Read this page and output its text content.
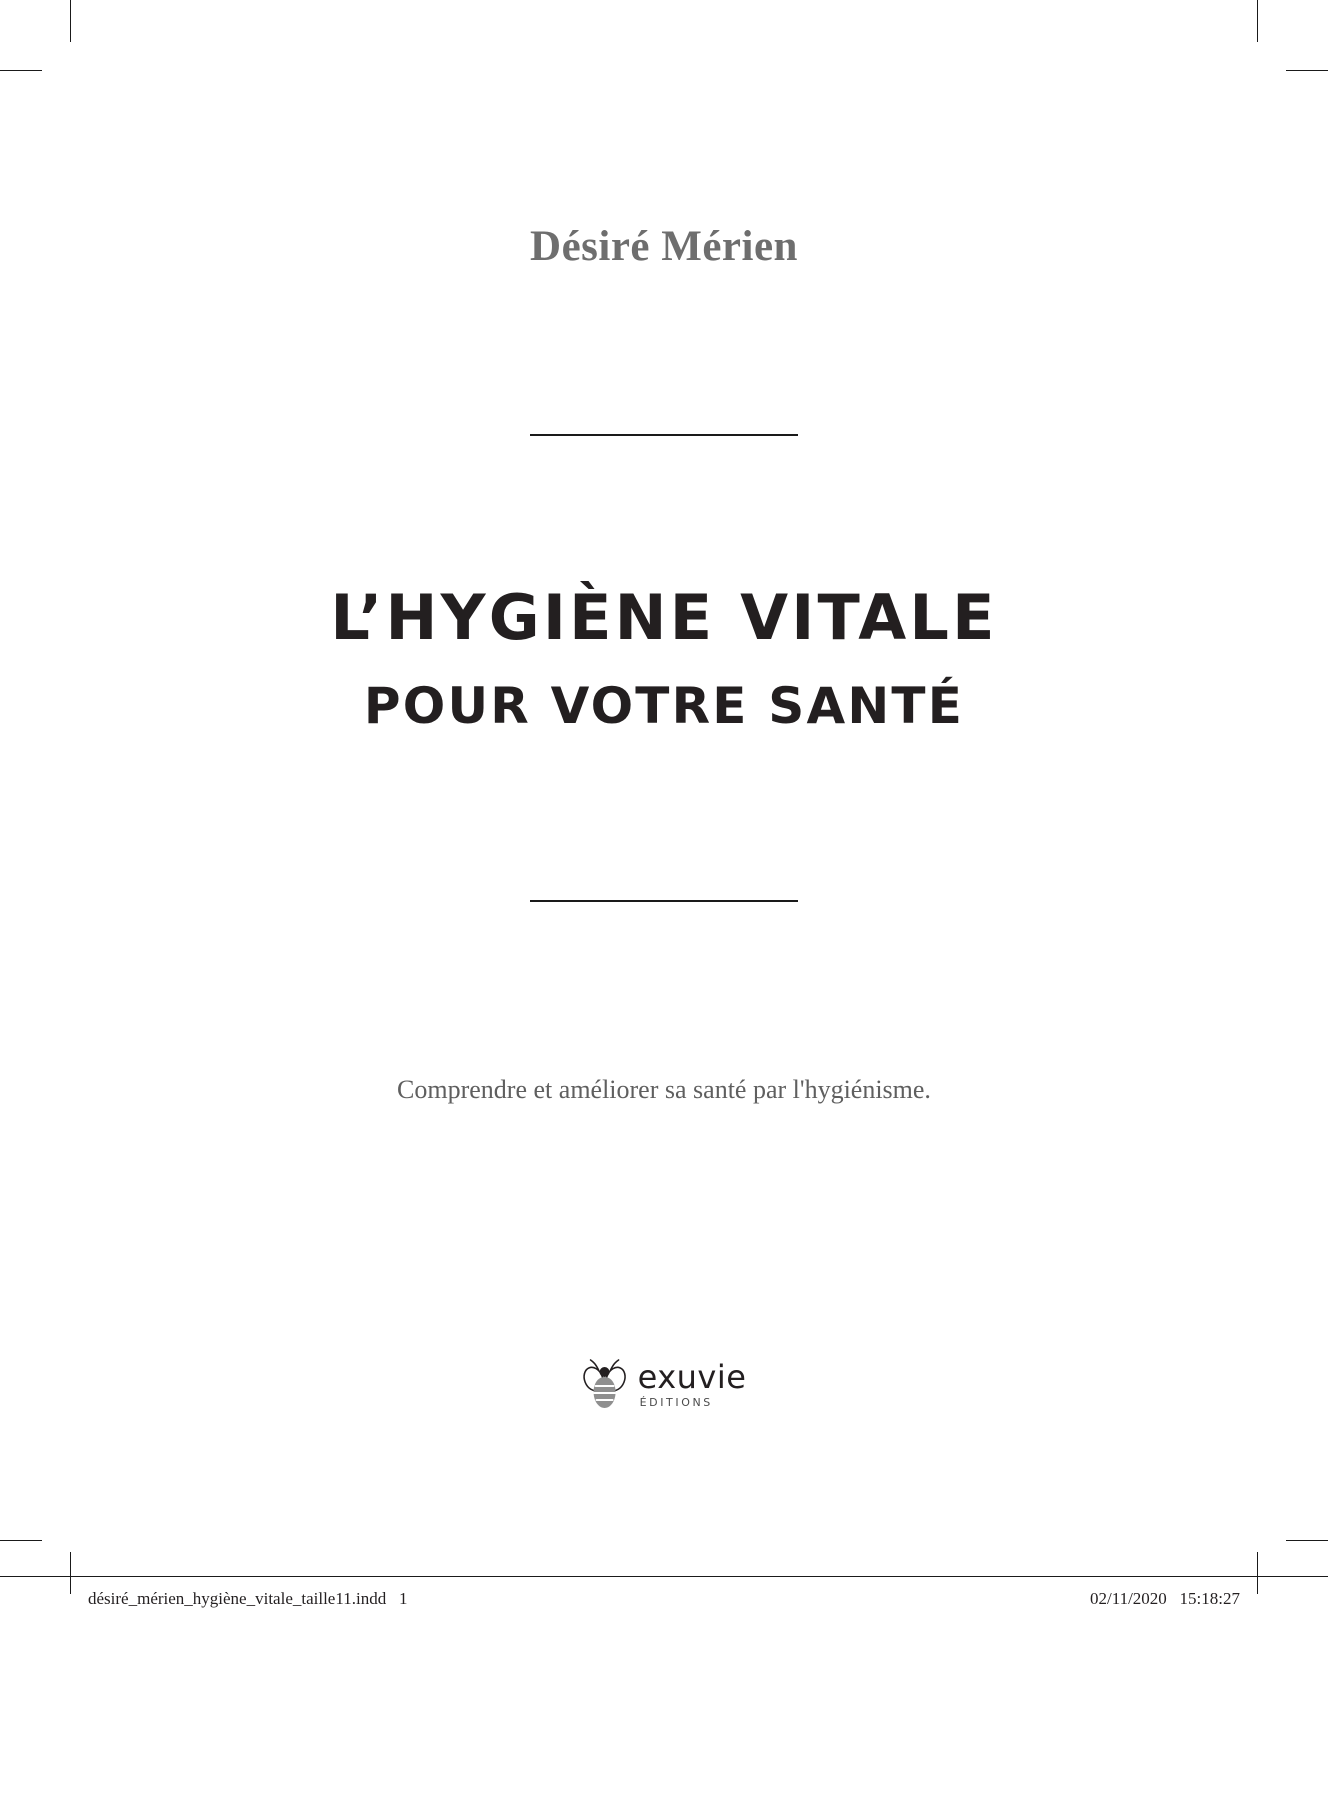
Désiré Mérien
L’HYGIÈNE VITALE
POUR VOTRE SANTÉ
Comprendre et améliorer sa santé par l'hygiénisme.
exuvie
ÉDITIONS
désiré_mérien_hygiène_vitale_taille11.indd   1	02/11/2020   15:18:27
